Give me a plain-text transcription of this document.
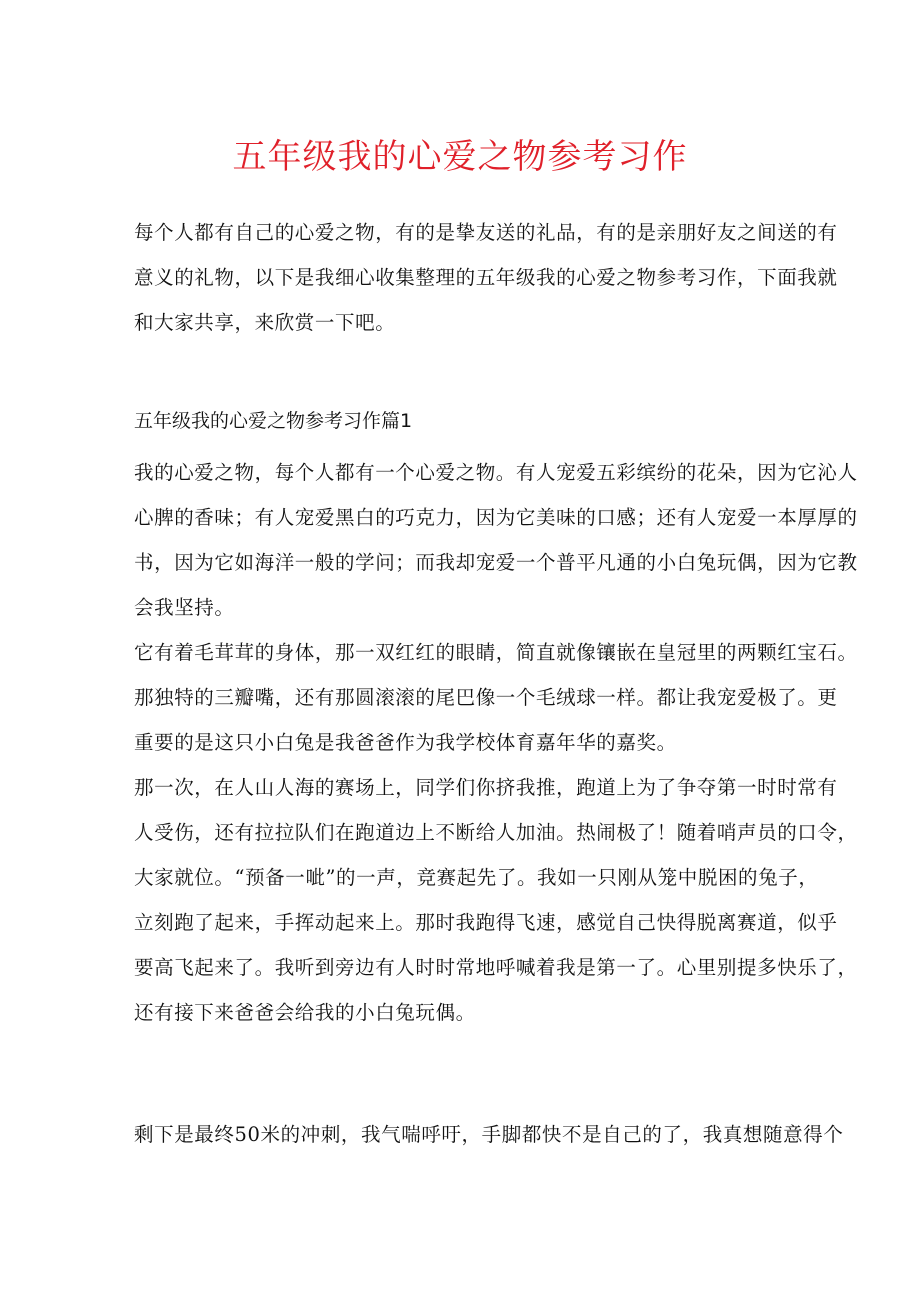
五年级我的心爱之物参考习作
每个人都有自己的心爱之物，有的是挚友送的礼品，有的是亲朋好友之间送的有
意义的礼物，以下是我细心收集整理的五年级我的心爱之物参考习作，下面我就
和大家共享，来欣赏一下吧。
五年级我的心爱之物参考习作篇1
我的心爱之物，每个人都有一个心爱之物。有人宠爱五彩缤纷的花朵，因为它沁人
心脾的香味；有人宠爱黑白的巧克力，因为它美味的口感；还有人宠爱一本厚厚的
书，因为它如海洋一般的学问；而我却宠爱一个普平凡通的小白兔玩偶，因为它教
会我坚持。
它有着毛茸茸的身体，那一双红红的眼睛，简直就像镶嵌在皇冠里的两颗红宝石。
那独特的三瓣嘴，还有那圆滚滚的尾巴像一个毛绒球一样。都让我宠爱极了。更
重要的是这只小白兔是我爸爸作为我学校体育嘉年华的嘉奖。
那一次，在人山人海的赛场上，同学们你挤我推，跑道上为了争夺第一时时常有
人受伤，还有拉拉队们在跑道边上不断给人加油。热闹极了！随着哨声员的口令，
大家就位。“预备一呲”的一声，竞赛起先了。我如一只刚从笼中脱困的兔子，
立刻跑了起来，手挥动起来上。那时我跑得飞速，感觉自己快得脱离赛道，似乎
要高飞起来了。我听到旁边有人时时常地呼喊着我是第一了。心里别提多快乐了，
还有接下来爸爸会给我的小白兔玩偶。
剩下是最终50米的冲刺，我气喘呼吁，手脚都快不是自己的了，我真想随意得个
